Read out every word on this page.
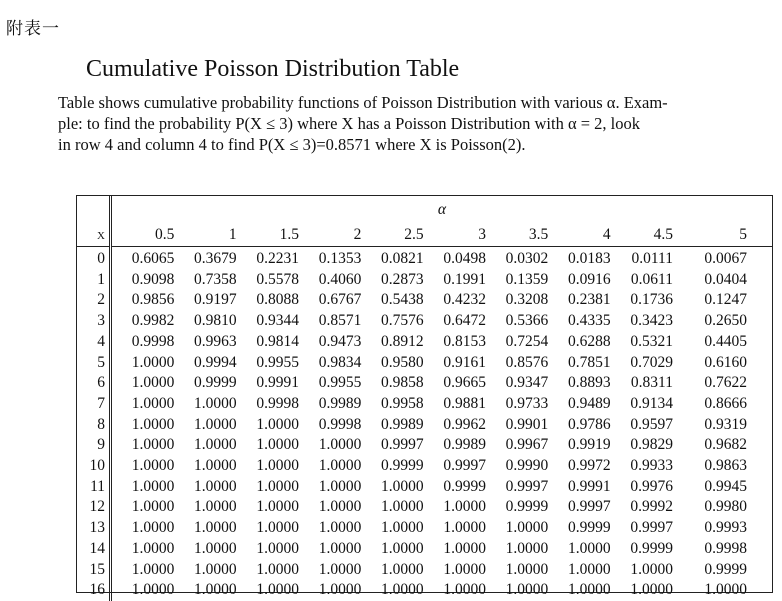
附表一
Cumulative Poisson Distribution Table
Table shows cumulative probability functions of Poisson Distribution with various α. Exam-
ple: to find the probability P(X ≤ 3) where X has a Poisson Distribution with α = 2, look
in row 4 and column 4 to find P(X ≤ 3)=0.8571 where X is Poisson(2).
		α									
x		0.5	1	1.5	2	2.5	3	3.5	4	4.5	5
0		0.6065	0.3679	0.2231	0.1353	0.0821	0.0498	0.0302	0.0183	0.0111	0.0067
1		0.9098	0.7358	0.5578	0.4060	0.2873	0.1991	0.1359	0.0916	0.0611	0.0404
2		0.9856	0.9197	0.8088	0.6767	0.5438	0.4232	0.3208	0.2381	0.1736	0.1247
3		0.9982	0.9810	0.9344	0.8571	0.7576	0.6472	0.5366	0.4335	0.3423	0.2650
4		0.9998	0.9963	0.9814	0.9473	0.8912	0.8153	0.7254	0.6288	0.5321	0.4405
5		1.0000	0.9994	0.9955	0.9834	0.9580	0.9161	0.8576	0.7851	0.7029	0.6160
6		1.0000	0.9999	0.9991	0.9955	0.9858	0.9665	0.9347	0.8893	0.8311	0.7622
7		1.0000	1.0000	0.9998	0.9989	0.9958	0.9881	0.9733	0.9489	0.9134	0.8666
8		1.0000	1.0000	1.0000	0.9998	0.9989	0.9962	0.9901	0.9786	0.9597	0.9319
9		1.0000	1.0000	1.0000	1.0000	0.9997	0.9989	0.9967	0.9919	0.9829	0.9682
10		1.0000	1.0000	1.0000	1.0000	0.9999	0.9997	0.9990	0.9972	0.9933	0.9863
11		1.0000	1.0000	1.0000	1.0000	1.0000	0.9999	0.9997	0.9991	0.9976	0.9945
12		1.0000	1.0000	1.0000	1.0000	1.0000	1.0000	0.9999	0.9997	0.9992	0.9980
13		1.0000	1.0000	1.0000	1.0000	1.0000	1.0000	1.0000	0.9999	0.9997	0.9993
14		1.0000	1.0000	1.0000	1.0000	1.0000	1.0000	1.0000	1.0000	0.9999	0.9998
15		1.0000	1.0000	1.0000	1.0000	1.0000	1.0000	1.0000	1.0000	1.0000	0.9999
16		1.0000	1.0000	1.0000	1.0000	1.0000	1.0000	1.0000	1.0000	1.0000	1.0000
